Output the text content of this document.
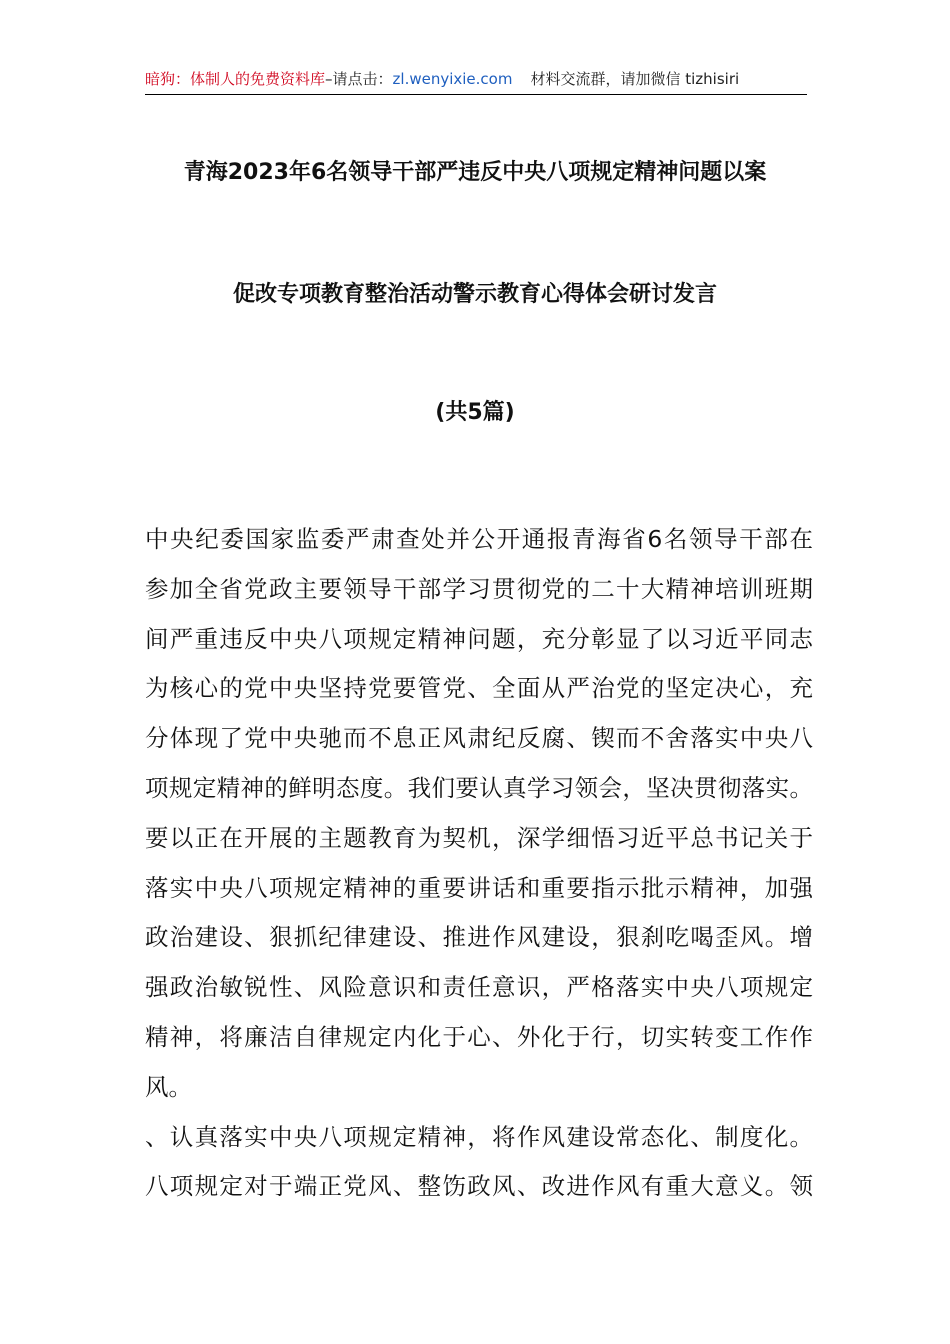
暗狗：体制人的免费资料库–请点击：zl.wenyixie.com 材料交流群，请加微信 tizhisiri
青海2023年6名领导干部严违反中央八项规定精神问题以案
促改专项教育整治活动警示教育心得体会研讨发言
(共5篇)
中央纪委国家监委严肃查处并公开通报青海省6名领导干部在
参加全省党政主要领导干部学习贯彻党的二十大精神培训班期
间严重违反中央八项规定精神问题，充分彰显了以习近平同志
为核心的党中央坚持党要管党、全面从严治党的坚定决心，充
分体现了党中央驰而不息正风肃纪反腐、锲而不舍落实中央八
项规定精神的鲜明态度。我们要认真学习领会，坚决贯彻落实。
要以正在开展的主题教育为契机，深学细悟习近平总书记关于
落实中央八项规定精神的重要讲话和重要指示批示精神，加强
政治建设、狠抓纪律建设、推进作风建设，狠刹吃喝歪风。增
强政治敏锐性、风险意识和责任意识，严格落实中央八项规定
精神，将廉洁自律规定内化于心、外化于行，切实转变工作作
风。
、认真落实中央八项规定精神，将作风建设常态化、制度化。
八项规定对于端正党风、整饬政风、改进作风有重大意义。领
